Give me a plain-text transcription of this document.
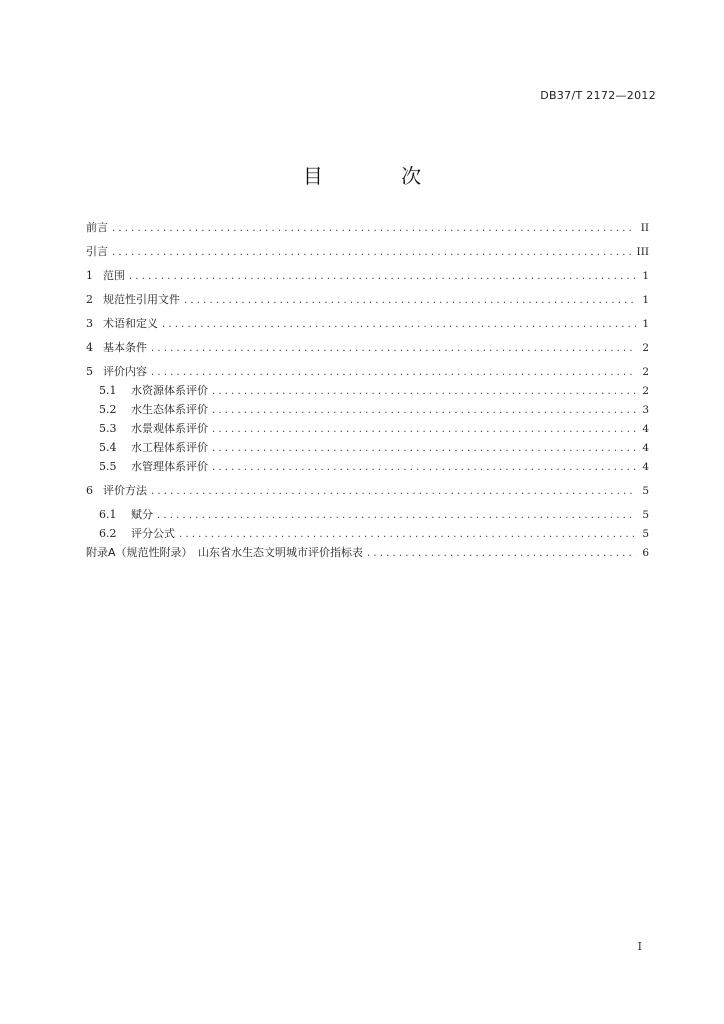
DB37/T 2172—2012
目 次
前言 .....	II
引言 .....	III
1 范围 .....	1
2 规范性引用文件 .....	1
3 术语和定义 .....	1
4 基本条件 .....	2
5 评价内容 .....	2
5.1	水资源体系评价 .....	2
5.2	水生态体系评价 .....	3
5.3	水景观体系评价 .....	4
5.4	水工程体系评价 .....	4
5.5	水管理体系评价 .....	4
6 评价方法 .....	5
6.1	赋分 .....	5
6.2	评分公式 .....	5
附录A（规范性附录）　山东省水生态文明城市评价指标表 .....	6
I
